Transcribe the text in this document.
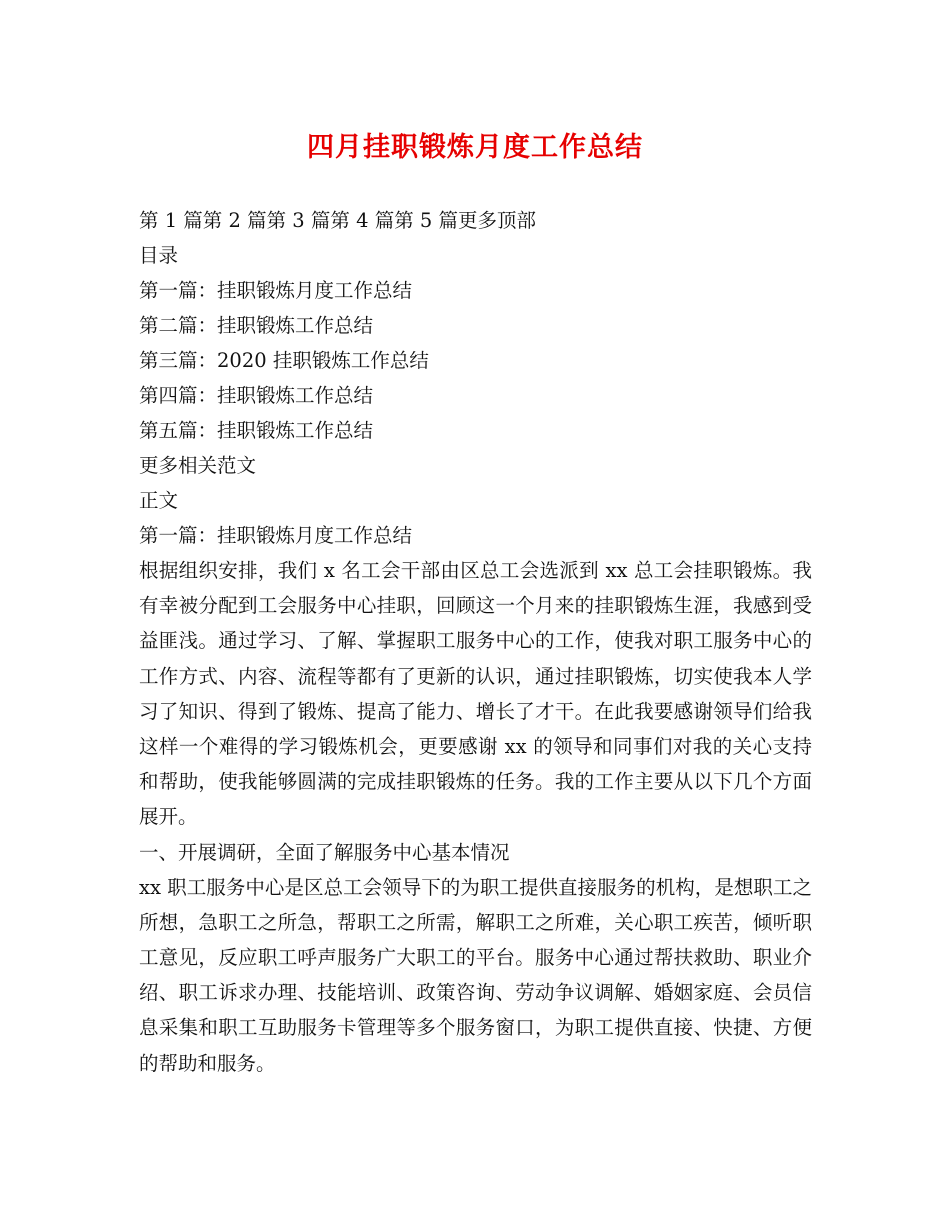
四月挂职锻炼月度工作总结
第 1 篇第 2 篇第 3 篇第 4 篇第 5 篇更多顶部
目录
第一篇：挂职锻炼月度工作总结
第二篇：挂职锻炼工作总结
第三篇：2020 挂职锻炼工作总结
第四篇：挂职锻炼工作总结
第五篇：挂职锻炼工作总结
更多相关范文
正文
第一篇：挂职锻炼月度工作总结
根据组织安排，我们 x 名工会干部由区总工会选派到 xx 总工会挂职锻炼。我有幸被分配到工会服务中心挂职，回顾这一个月来的挂职锻炼生涯，我感到受益匪浅。通过学习、了解、掌握职工服务中心的工作，使我对职工服务中心的工作方式、内容、流程等都有了更新的认识，通过挂职锻炼，切实使我本人学习了知识、得到了锻炼、提高了能力、增长了才干。在此我要感谢领导们给我这样一个难得的学习锻炼机会，更要感谢 xx 的领导和同事们对我的关心支持和帮助，使我能够圆满的完成挂职锻炼的任务。我的工作主要从以下几个方面展开。
一、开展调研，全面了解服务中心基本情况
xx 职工服务中心是区总工会领导下的为职工提供直接服务的机构，是想职工之所想，急职工之所急，帮职工之所需，解职工之所难，关心职工疾苦，倾听职工意见，反应职工呼声服务广大职工的平台。服务中心通过帮扶救助、职业介绍、职工诉求办理、技能培训、政策咨询、劳动争议调解、婚姻家庭、会员信息采集和职工互助服务卡管理等多个服务窗口，为职工提供直接、快捷、方便的帮助和服务。
